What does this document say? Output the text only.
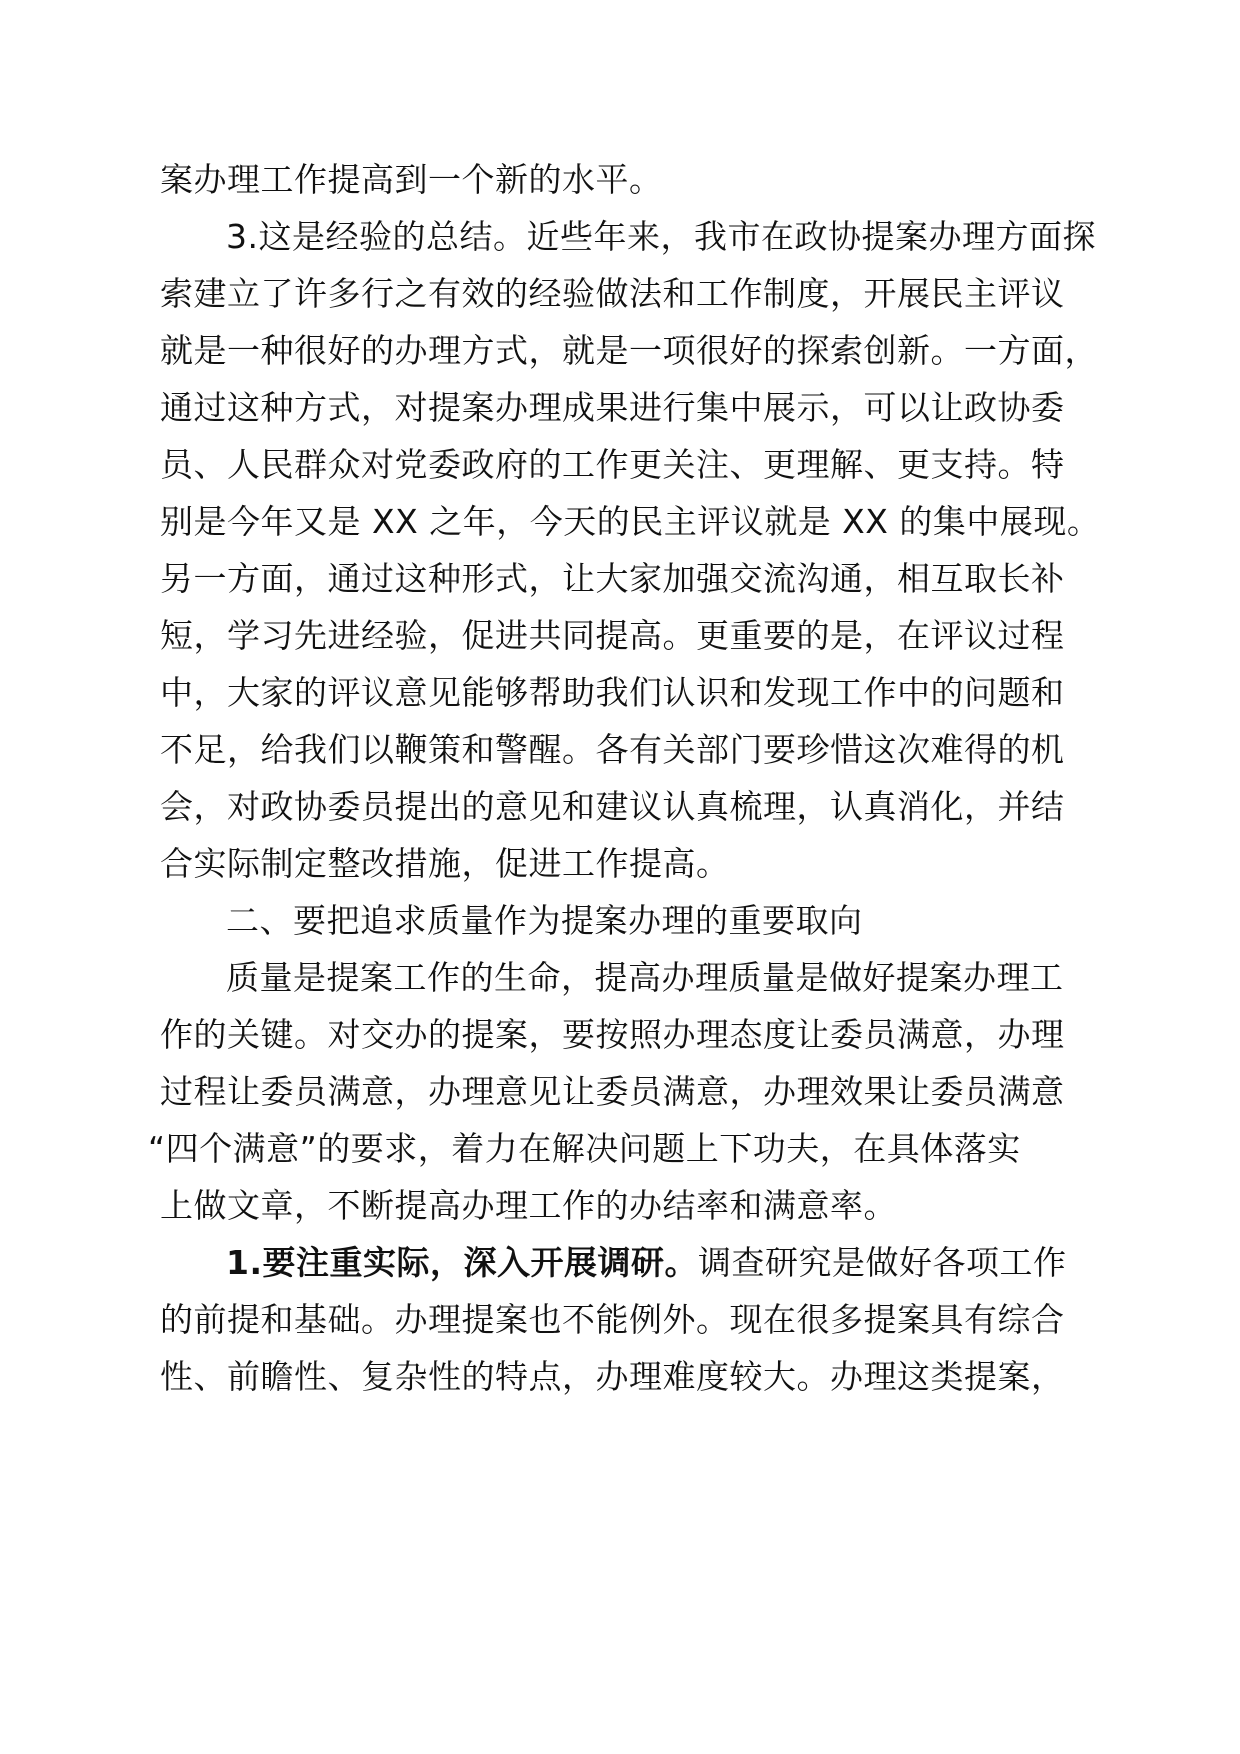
案办理工作提高到一个新的水平。
3.这是经验的总结。近些年来，我市在政协提案办理方面探
索建立了许多行之有效的经验做法和工作制度，开展民主评议
就是一种很好的办理方式，就是一项很好的探索创新。一方面，
通过这种方式，对提案办理成果进行集中展示，可以让政协委
员、人民群众对党委政府的工作更关注、更理解、更支持。特
别是今年又是 XX 之年，今天的民主评议就是 XX 的集中展现。
另一方面，通过这种形式，让大家加强交流沟通，相互取长补
短，学习先进经验，促进共同提高。更重要的是，在评议过程
中，大家的评议意见能够帮助我们认识和发现工作中的问题和
不足，给我们以鞭策和警醒。各有关部门要珍惜这次难得的机
会，对政协委员提出的意见和建议认真梳理，认真消化，并结
合实际制定整改措施，促进工作提高。
二、要把追求质量作为提案办理的重要取向
质量是提案工作的生命，提高办理质量是做好提案办理工
作的关键。对交办的提案，要按照办理态度让委员满意，办理
过程让委员满意，办理意见让委员满意，办理效果让委员满意
“四个满意”的要求，着力在解决问题上下功夫，在具体落实
上做文章，不断提高办理工作的办结率和满意率。
1.要注重实际，深入开展调研。调查研究是做好各项工作
的前提和基础。办理提案也不能例外。现在很多提案具有综合
性、前瞻性、复杂性的特点，办理难度较大。办理这类提案，
